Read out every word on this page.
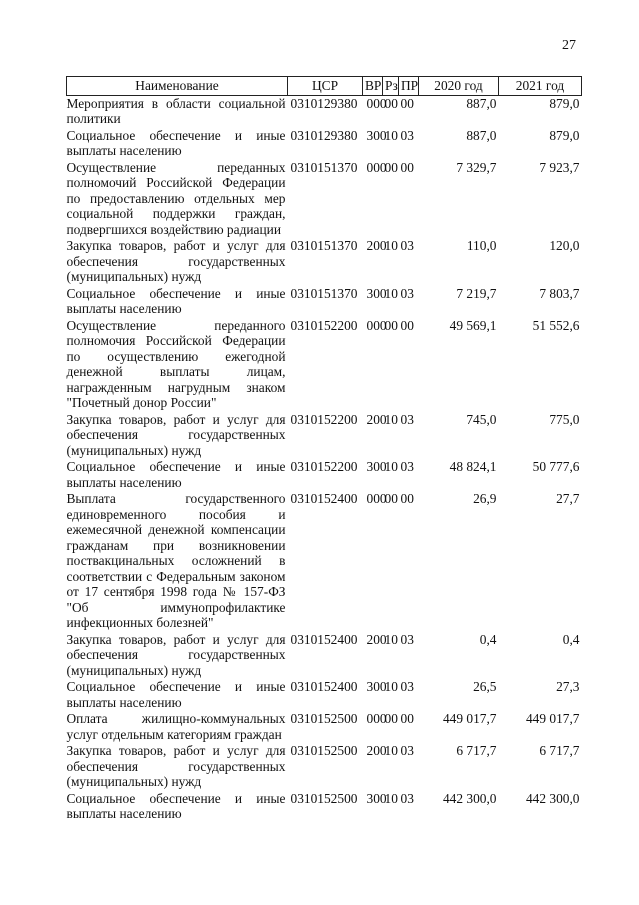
27
Наименование	ЦСР	ВР	Рз	ПР	2020 год	2021 год
Мероприятия в области социальной политики	0310129380	000	00	00	887,0	879,0
Социальное обеспечение и иные выплаты населению	0310129380	300	10	03	887,0	879,0
Осуществление переданных полномочий Российской Федерации по предоставлению отдельных мер социальной поддержки граждан, подвергшихся воздействию радиации	0310151370	000	00	00	7 329,7	7 923,7
Закупка товаров, работ и услуг для обеспечения государственных (муниципальных) нужд	0310151370	200	10	03	110,0	120,0
Социальное обеспечение и иные выплаты населению	0310151370	300	10	03	7 219,7	7 803,7
Осуществление переданного полномочия Российской Федерации по осуществлению ежегодной денежной выплаты лицам, награжденным нагрудным знаком "Почетный донор России"	0310152200	000	00	00	49 569,1	51 552,6
Закупка товаров, работ и услуг для обеспечения государственных (муниципальных) нужд	0310152200	200	10	03	745,0	775,0
Социальное обеспечение и иные выплаты населению	0310152200	300	10	03	48 824,1	50 777,6
Выплата государственного единовременного пособия и ежемесячной денежной компенсации гражданам при возникновении поствакцинальных осложнений в соответствии с Федеральным законом от 17 сентября 1998 года № 157-ФЗ "Об иммунопрофилактике инфекционных болезней"	0310152400	000	00	00	26,9	27,7
Закупка товаров, работ и услуг для обеспечения государственных (муниципальных) нужд	0310152400	200	10	03	0,4	0,4
Социальное обеспечение и иные выплаты населению	0310152400	300	10	03	26,5	27,3
Оплата жилищно-коммунальных услуг отдельным категориям граждан	0310152500	000	00	00	449 017,7	449 017,7
Закупка товаров, работ и услуг для обеспечения государственных (муниципальных) нужд	0310152500	200	10	03	6 717,7	6 717,7
Социальное обеспечение и иные выплаты населению	0310152500	300	10	03	442 300,0	442 300,0
